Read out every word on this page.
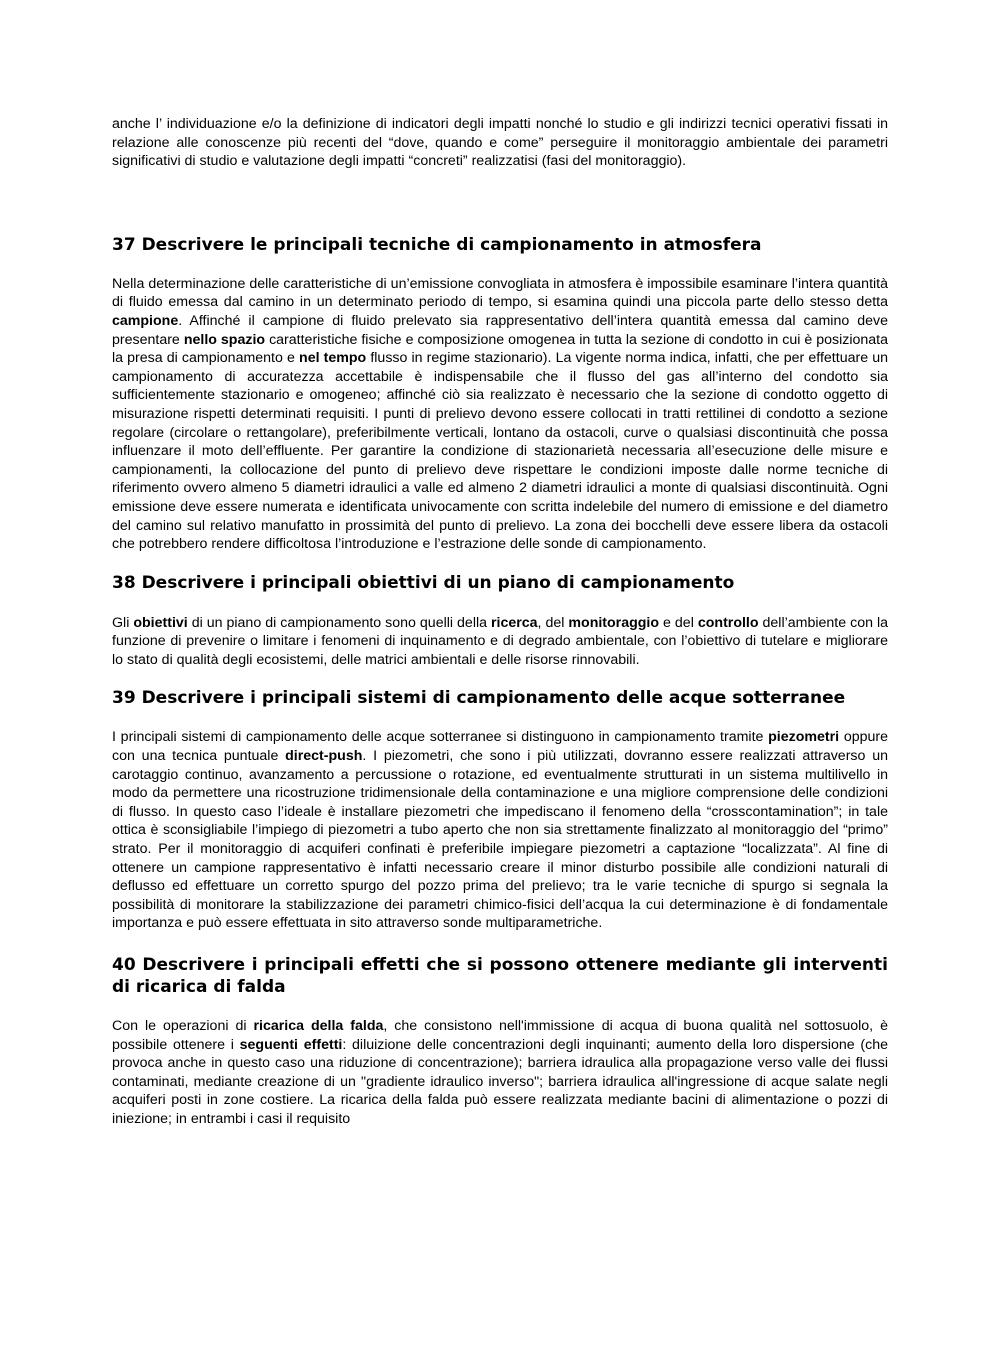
anche l’ individuazione e/o la definizione di indicatori degli impatti nonché lo studio e gli indirizzi tecnici operativi fissati in relazione alle conoscenze più recenti del “dove, quando e come” perseguire il monitoraggio ambientale dei parametri significativi di studio e valutazione degli impatti “concreti” realizzatisi (fasi del monitoraggio).

37 Descrivere le principali tecniche di campionamento in atmosfera

Nella determinazione delle caratteristiche di un’emissione convogliata in atmosfera è impossibile esaminare l’intera quantità di fluido emessa dal camino in un determinato periodo di tempo, si esamina quindi una piccola parte dello stesso detta campione. Affinché il campione di fluido prelevato sia rappresentativo dell’intera quantità emessa dal camino deve presentare nello spazio caratteristiche fisiche e composizione omogenea in tutta la sezione di condotto in cui è posizionata la presa di campionamento e nel tempo flusso in regime stazionario). La vigente norma indica, infatti, che per effettuare un campionamento di accuratezza accettabile è indispensabile che il flusso del gas all’interno del condotto sia sufficientemente stazionario e omogeneo; affinché ciò sia realizzato è necessario che la sezione di condotto oggetto di misurazione rispetti determinati requisiti. I punti di prelievo devono essere collocati in tratti rettilinei di condotto a sezione regolare (circolare o rettangolare), preferibilmente verticali, lontano da ostacoli, curve o qualsiasi discontinuità che possa influenzare il moto dell’effluente. Per garantire la condizione di stazionarietà necessaria all’esecuzione delle misure e campionamenti, la collocazione del punto di prelievo deve rispettare le condizioni imposte dalle norme tecniche di riferimento ovvero almeno 5 diametri idraulici a valle ed almeno 2 diametri idraulici a monte di qualsiasi discontinuità. Ogni emissione deve essere numerata e identificata univocamente con scritta indelebile del numero di emissione e del diametro del camino sul relativo manufatto in prossimità del punto di prelievo. La zona dei bocchelli deve essere libera da ostacoli che potrebbero rendere difficoltosa l’introduzione e l’estrazione delle sonde di campionamento.

38 Descrivere i principali obiettivi di un piano di campionamento

Gli obiettivi di un piano di campionamento sono quelli della ricerca, del monitoraggio e del controllo dell’ambiente con la funzione di prevenire o limitare i fenomeni di inquinamento e di degrado ambientale, con l’obiettivo di tutelare e migliorare lo stato di qualità degli ecosistemi, delle matrici ambientali e delle risorse rinnovabili.

39 Descrivere i principali sistemi di campionamento delle acque sotterranee

I principali sistemi di campionamento delle acque sotterranee si distinguono in campionamento tramite piezometri oppure con una tecnica puntuale direct-push. I piezometri, che sono i più utilizzati, dovranno essere realizzati attraverso un carotaggio continuo, avanzamento a percussione o rotazione, ed eventualmente strutturati in un sistema multilivello in modo da permettere una ricostruzione tridimensionale della contaminazione e una migliore comprensione delle condizioni di flusso. In questo caso l’ideale è installare piezometri che impediscano il fenomeno della “crosscontamination”; in tale ottica è sconsigliabile l’impiego di piezometri a tubo aperto che non sia strettamente finalizzato al monitoraggio del “primo” strato. Per il monitoraggio di acquiferi confinati è preferibile impiegare piezometri a captazione “localizzata”. Al fine di ottenere un campione rappresentativo è infatti necessario creare il minor disturbo possibile alle condizioni naturali di deflusso ed effettuare un corretto spurgo del pozzo prima del prelievo; tra le varie tecniche di spurgo si segnala la possibilità di monitorare la stabilizzazione dei parametri chimico-fisici dell’acqua la cui determinazione è di fondamentale importanza e può essere effettuata in sito attraverso sonde multiparametriche.

40 Descrivere i principali effetti che si possono ottenere mediante gli interventi di ricarica di falda

Con le operazioni di ricarica della falda, che consistono nell'immissione di acqua di buona qualità nel sottosuolo, è possibile ottenere i seguenti effetti: diluizione delle concentrazioni degli inquinanti; aumento della loro dispersione (che provoca anche in questo caso una riduzione di concentrazione); barriera idraulica alla propagazione verso valle dei flussi contaminati, mediante creazione di un "gradiente idraulico inverso"; barriera idraulica all'ingressione di acque salate negli acquiferi posti in zone costiere. La ricarica della falda può essere realizzata mediante bacini di alimentazione o pozzi di iniezione; in entrambi i casi il requisito
